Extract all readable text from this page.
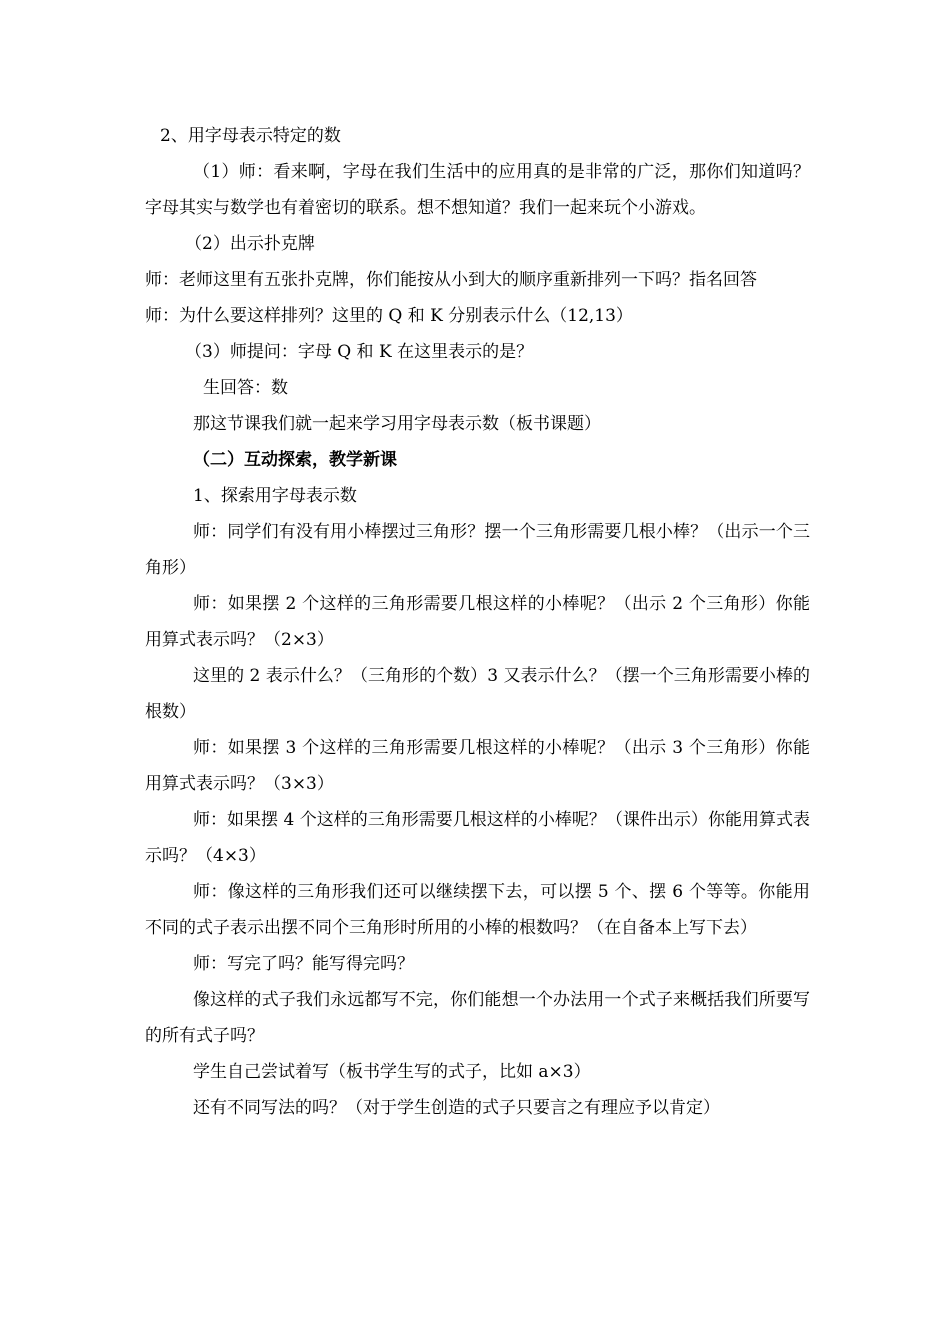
2、用字母表示特定的数

（1）师：看来啊，字母在我们生活中的应用真的是非常的广泛，那你们知道吗？字母其实与数学也有着密切的联系。想不想知道？我们一起来玩个小游戏。

（2）出示扑克牌

师：老师这里有五张扑克牌，你们能按从小到大的顺序重新排列一下吗？指名回答

师：为什么要这样排列？这里的 Q 和 K 分别表示什么（12,13）

（3）师提问：字母 Q 和 K 在这里表示的是？

生回答：数

那这节课我们就一起来学习用字母表示数（板书课题）

（二）互动探索，教学新课

1、探索用字母表示数

师：同学们有没有用小棒摆过三角形？摆一个三角形需要几根小棒？（出示一个三角形）

师：如果摆 2 个这样的三角形需要几根这样的小棒呢？（出示 2 个三角形）你能用算式表示吗？（2×3）

这里的 2 表示什么？（三角形的个数）3 又表示什么？（摆一个三角形需要小棒的根数）

师：如果摆 3 个这样的三角形需要几根这样的小棒呢？（出示 3 个三角形）你能用算式表示吗？（3×3）

师：如果摆 4 个这样的三角形需要几根这样的小棒呢？（课件出示）你能用算式表示吗？（4×3）

师：像这样的三角形我们还可以继续摆下去，可以摆 5 个、摆 6 个等等。你能用不同的式子表示出摆不同个三角形时所用的小棒的根数吗？（在自备本上写下去）

师：写完了吗？能写得完吗？

像这样的式子我们永远都写不完，你们能想一个办法用一个式子来概括我们所要写的所有式子吗？

学生自己尝试着写（板书学生写的式子，比如 a×3）

还有不同写法的吗？（对于学生创造的式子只要言之有理应予以肯定）
